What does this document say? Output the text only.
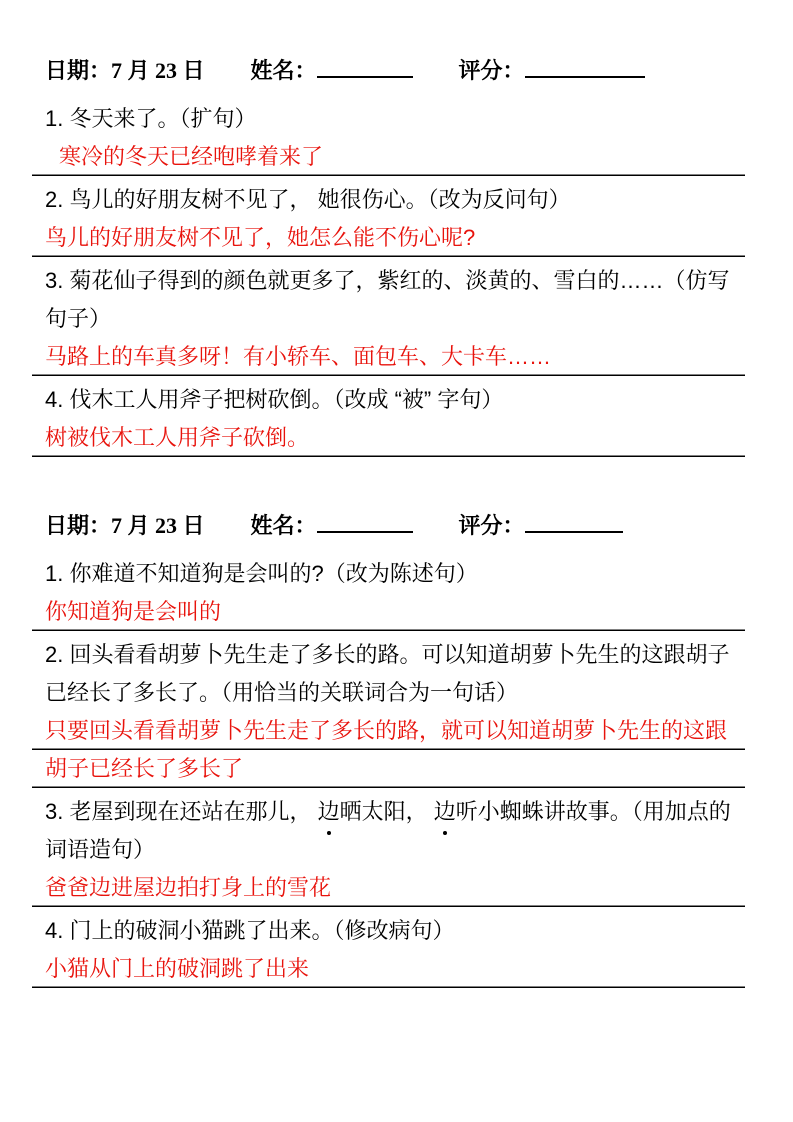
日期：7 月 23 日 姓名：	评分：
1. 冬天来了。（扩句）
寒冷的冬天已经咆哮着来了
2. 鸟儿的好朋友树不见了， 她很伤心。（改为反问句）
鸟儿的好朋友树不见了，她怎么能不伤心呢?
3. 菊花仙子得到的颜色就更多了，紫红的、淡黄的、雪白的……（仿写句子）
马路上的车真多呀！有小轿车、面包车、大卡车……
4. 伐木工人用斧子把树砍倒。（改成 “被” 字句）
树被伐木工人用斧子砍倒。
日期：7 月 23 日 姓名：	评分：
1. 你难道不知道狗是会叫的?（改为陈述句）
你知道狗是会叫的
2. 回头看看胡萝卜先生走了多长的路。可以知道胡萝卜先生的这跟胡子已经长了多长了。（用恰当的关联词合为一句话）
只要回头看看胡萝卜先生走了多长的路，就可以知道胡萝卜先生的这跟胡子已经长了多长了
3. 老屋到现在还站在那儿， 边晒太阳， 边听小蜘蛛讲故事。（用加点的词语造句）
爸爸边进屋边拍打身上的雪花
4. 门上的破洞小猫跳了出来。（修改病句）
小猫从门上的破洞跳了出来
